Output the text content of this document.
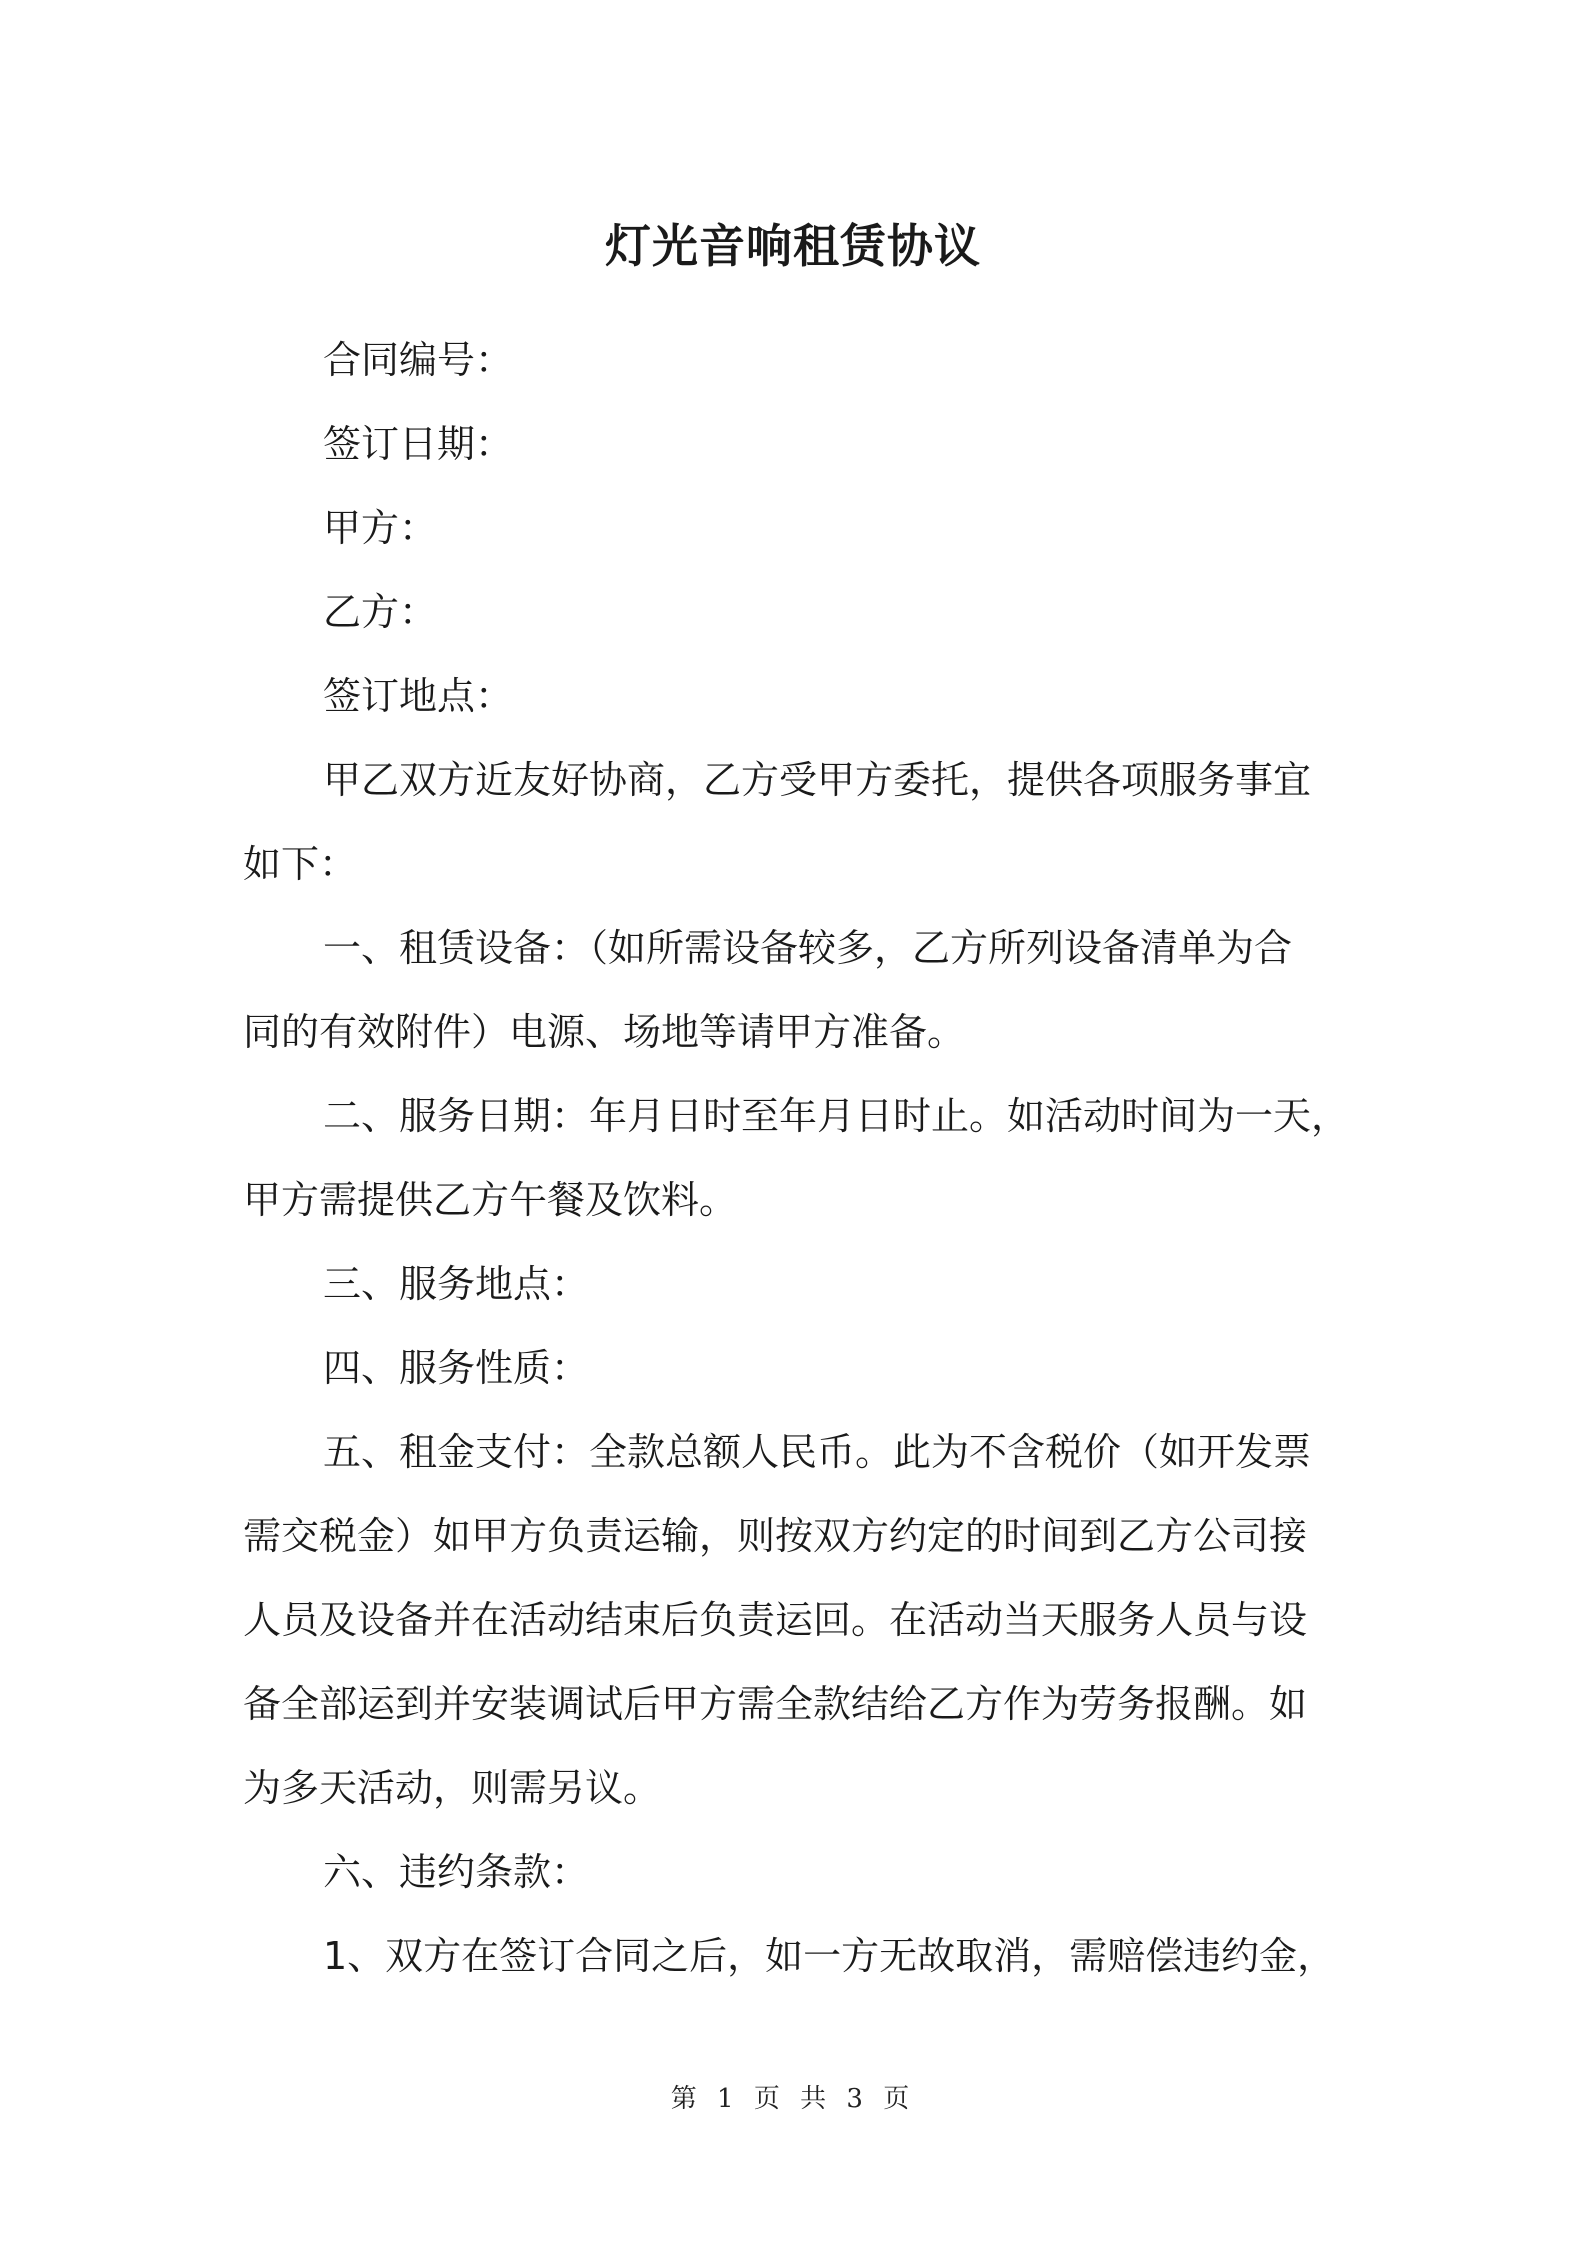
灯光音响租赁协议
合同编号：
签订日期：
甲方：
乙方：
签订地点：
甲乙双方近友好协商，乙方受甲方委托，提供各项服务事宜
如下：
一、租赁设备：（如所需设备较多，乙方所列设备清单为合
同的有效附件）电源、场地等请甲方准备。
二、服务日期：年月日时至年月日时止。如活动时间为一天，
甲方需提供乙方午餐及饮料。
三、服务地点：
四、服务性质：
五、租金支付：全款总额人民币。此为不含税价（如开发票
需交税金）如甲方负责运输，则按双方约定的时间到乙方公司接
人员及设备并在活动结束后负责运回。在活动当天服务人员与设
备全部运到并安装调试后甲方需全款结给乙方作为劳务报酬。如
为多天活动，则需另议。
六、违约条款：
1、双方在签订合同之后，如一方无故取消，需赔偿违约金，
第 1 页 共 3 页
